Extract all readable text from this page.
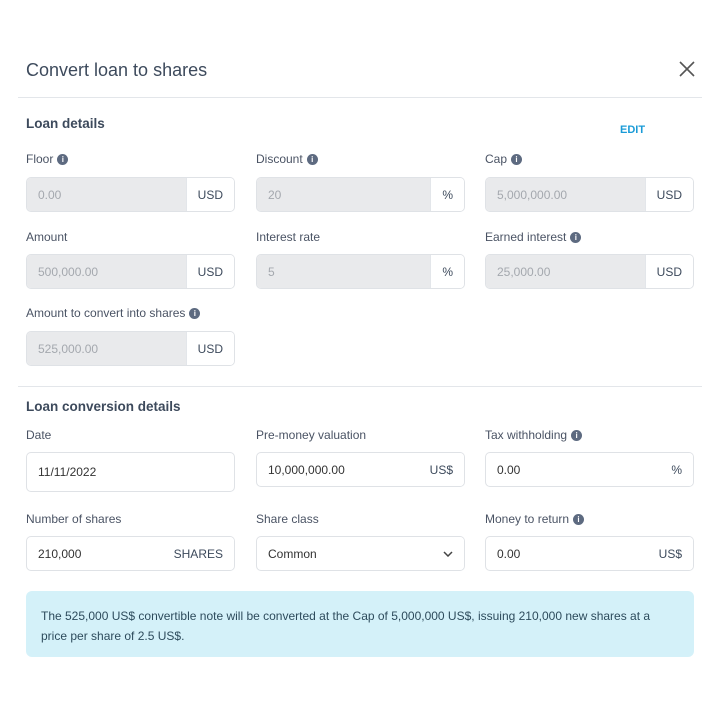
Convert loan to shares
Loan details	EDIT
Floor	i
0.00	USD
Discount	i
20	%
Cap	i
5,000,000.00	USD
Amount
500,000.00	USD
Interest rate
5	%
Earned interest	i
25,000.00	USD
Amount to convert into shares	i
525,000.00	USD
Loan conversion details
Date
11/11/2022
Pre-money valuation
10,000,000.00	US$
Tax withholding	i
0.00	%
Number of shares
210,000	SHARES
Share class
Common
Money to return	i
0.00	US$
The 525,000 US$ convertible note will be converted at the Cap of 5,000,000 US$, issuing 210,000 new shares at a price per share of 2.5 US$.
